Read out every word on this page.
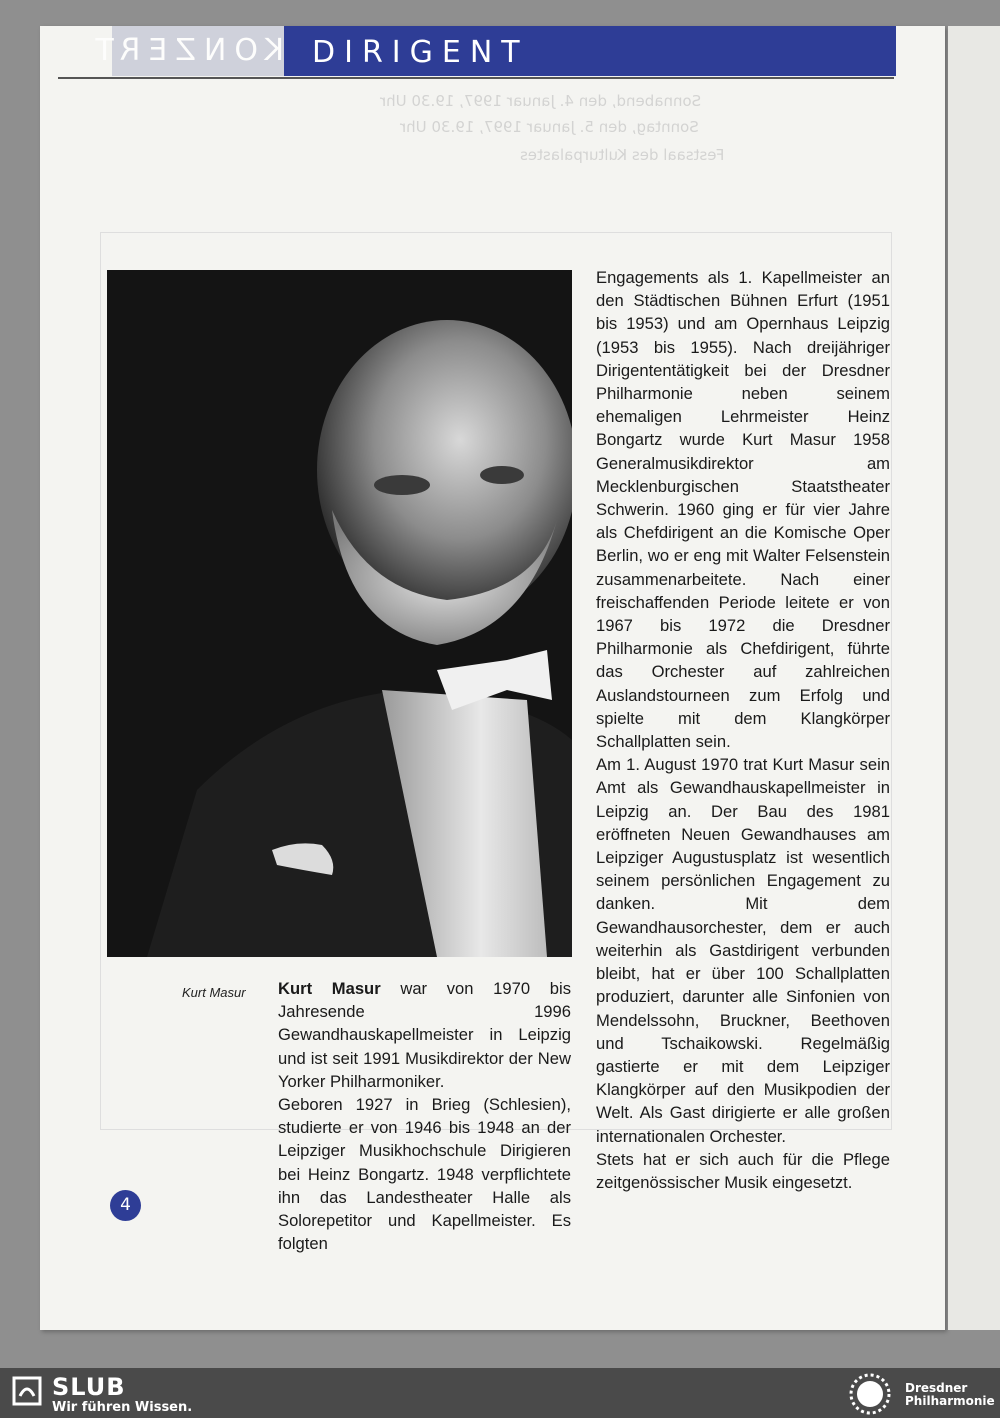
KONZERT DIRIGENT
Sonnabend, den 4. Januar 1997, 19.30 Uhr
Sonntag, den 5. Januar 1997, 19.30 Uhr
Festsaal des Kulturpalastes
Kurt Masur Kurt Masur war von 1970 bis Jahresende 1996 Gewandhauskapellmeister in Leipzig und ist seit 1991 Musikdirektor der New Yorker Philharmoniker.

Geboren 1927 in Brieg (Schlesien), studierte er von 1946 bis 1948 an der Leipziger Musikhochschule Dirigieren bei Heinz Bongartz. 1948 verpflichtete ihn das Landestheater Halle als Solorepetitor und Kapellmeister. Es folgten

Engagements als 1. Kapellmeister an den Städtischen Bühnen Erfurt (1951 bis 1953) und am Opernhaus Leipzig (1953 bis 1955). Nach dreijähriger Dirigententätigkeit bei der Dresdner Philharmonie neben seinem ehemaligen Lehrmeister Heinz Bongartz wurde Kurt Masur 1958 Generalmusikdirektor am Mecklenburgischen Staatstheater Schwerin. 1960 ging er für vier Jahre als Chefdirigent an die Komische Oper Berlin, wo er eng mit Walter Felsenstein zusammenarbeitete. Nach einer freischaffenden Periode leitete er von 1967 bis 1972 die Dresdner Philharmonie als Chefdirigent, führte das Orchester auf zahlreichen Auslandstourneen zum Erfolg und spielte mit dem Klangkörper Schallplatten sein.

Am 1. August 1970 trat Kurt Masur sein Amt als Gewandhauskapellmeister in Leipzig an. Der Bau des 1981 eröffneten Neuen Gewandhauses am Leipziger Augustusplatz ist wesentlich seinem persönlichen Engagement zu danken. Mit dem Gewandhausorchester, dem er auch weiterhin als Gastdirigent verbunden bleibt, hat er über 100 Schallplatten produziert, darunter alle Sinfonien von Mendelssohn, Bruckner, Beethoven und Tschaikowski. Regelmäßig gastierte er mit dem Leipziger Klangkörper auf den Musikpodien der Welt. Als Gast dirigierte er alle großen internationalen Orchester.

Stets hat er sich auch für die Pflege zeitgenössischer Musik eingesetzt.

4
SLUB
Wir führen Wissen.
Dresdner
Philharmonie
